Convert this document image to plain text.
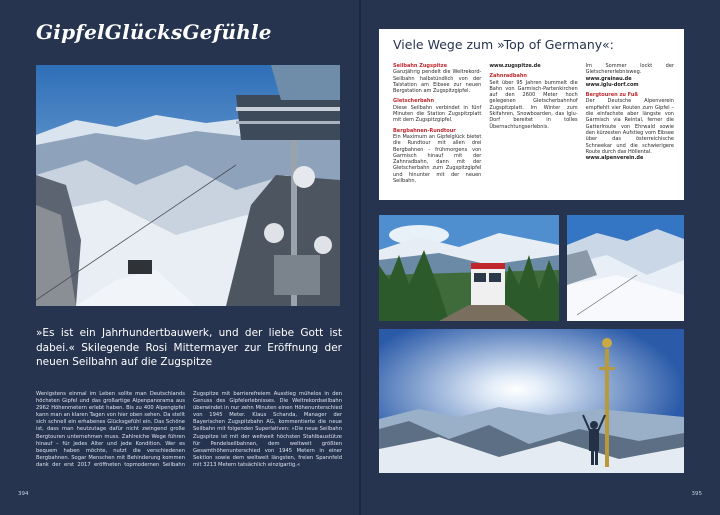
GipfelGlücksGefühle
»Es ist ein Jahrhundertbauwerk, und der liebe Gott ist dabei.« Skilegende Rosi Mittermayer zur Eröffnung der neuen Seilbahn auf die Zugspitze
Wenigstens einmal im Leben sollte man Deutschlands höchsten Gipfel und das großartige Alpenpanorama aus 2962 Höhenmetern erlebt haben. Bis zu 400 Alpengipfel kann man an klaren Tagen von hier oben sehen. Da stellt sich schnell ein erhabenes Glücksgefühl ein. Das Schöne ist, dass man heutzutage dafür nicht zwingend große Bergtouren unternehmen muss. Zahlreiche Wege führen hinauf – für jedes Alter und jede Kondition. Wer es bequem haben möchte, nutzt die verschiedenen Bergbahnen. Sogar Menschen mit Behinderung kommen dank der erst 2017 eröffneten topmodernen Seilbahn Zugspitze mit barrierefreiem Ausstieg mühelos in den Genuss des Gipfelerlebnisses. Die Weltrekordseilbahn überwindet in nur zehn Minuten einen Höhenunterschied von 1945 Meter. Klaus Schanda, Manager der Bayerischen Zugspitzbahn AG, kommentierte die neue Seilbahn mit folgenden Superlativen: »Die neue Seilbahn Zugspitze ist mit der weltweit höchsten Stahlbaustütze für Pendelseilbahnen, dem weltweit größten Gesamthöhenunterschied von 1945 Metern in einer Sektion sowie dem weltweit längsten, freien Spannfeld mit 3213 Metern tatsächlich einzigartig.«
394
Viele Wege zum »Top of Germany«:
Seilbahn Zugspitze
Ganzjährig pendelt die Weltrekord-Seilbahn halbstündlich von der Talstation am Eibsee zur neuen Bergstation am Zugspitzgipfel.
Gletscherbahn
Diese Seilbahn verbindet in fünf Minuten die Station Zugspitzplatt mit dem Zugspitzgipfel.
Bergbahnen-Rundtour
Ein Maximum an Gipfelglück bietet die Rundtour mit allen drei Bergbahnen - frühmorgens von Garmisch hinauf mit der Zahnradbahn, dann mit der Gletscherbahn zum Zugspitzgipfel und hinunter mit der neuen Seilbahn.
www.zugspitze.de
Zahnradbahn
Seit über 95 Jahren bummelt die Bahn von Garmisch-Partenkirchen auf den 2600 Meter hoch gelegenen Gletscherbahnhof Zugspitzplatt. Im Winter zum Skifahren, Snowboarden, das Iglu-Dorf bereitet in tolles Übernachtungserlebnis.
Im Sommer lockt der Gletschererlebnisweg.
www.grainau.de
www.iglu-dorf.com
Bergtouren zu Fuß
Der Deutsche Alpenverein empfiehlt vier Routen zum Gipfel – die einfachste aber längste von Garmisch via Reintal, ferner die Gatterlroute von Ehrwald sowie den kürzesten Aufstieg vom Eibsee über das österreichische Schneekar und die schwierigere Route durch das Höllental.
www.alpenverein.de
395
